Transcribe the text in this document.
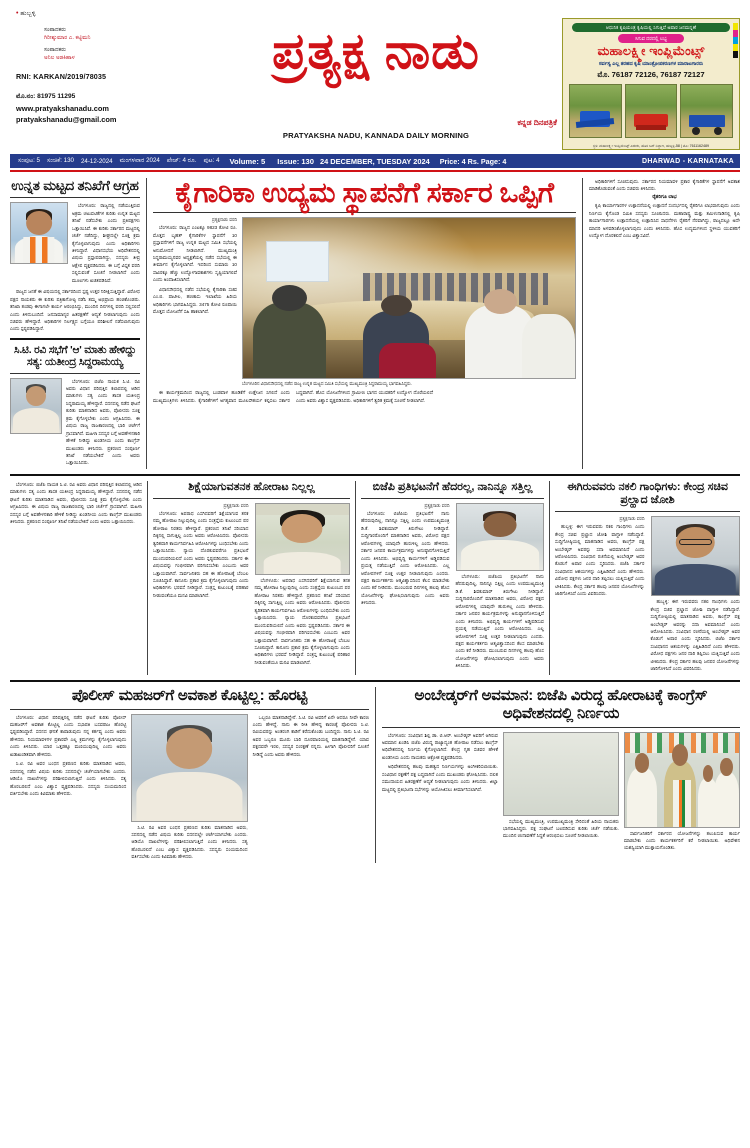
• ಹುಬ್ಬಳ್ಳಿ
ಸಂಪಾದಕರು
ಗಿರೀಶ್ಕುಮಾರ ಎ. ಕಟ್ಟಿಮನಿ
ಸಂಪಾದಕರು
ಅನಿಲ ಅಡಕಿಹಾಳ
RNI: KARKAN/2019/78035
ಮೊ.ನಂ: 81975 11295
www.pratyakshanadu.com
pratyakshanadu@gmail.com
ಪ್ರತ್ಯಕ್ಷ ನಾಡು
ಕನ್ನಡ ದಿನಪತ್ರಿಕೆ
PRATYAKSHA NADU, KANNADA DAILY MORNING
ಆಧುನಿಕ ಕೃಷಿಯಂತ್ರ ಕೃಷಿಯಲ್ಲಿ ಸಿಗುತ್ತಿದೆ ಅಪಾರ ಜನಮನ್ನಣೆ
ಸಿಗುವ ದರದಲ್ಲಿ ಲಭ್ಯ
ಮಹಾಲಕ್ಷ್ಮೀ ಇಂಪ್ಲಿಮೆಂಟ್ಸ್
ಸರ್ವಸ್ವ ಎಲ್ಲ ತರಹದ ಕೃಷಿ ಯಾಂತ್ರೋಪಕರಣಗಳ ಮಾರಾಟಗಾರರು
ಮೊ. 76187 72126, 76187 72127
ಸ್ಥಳ: ಮಹಾಲಕ್ಷ್ಮೀ ಇಂಪ್ಲಿಮೆಂಟ್ಸ್ ಎದುರು, ಹೊಸ ಬಸ್ ನಿಲ್ದಾಣ, ಹುಬ್ಬಳ್ಳಿ-58 | ಮೊ: 7611162489
ಸಂಪುಟ: 5 ಸಂಚಿಕೆ: 130 24-12-2024 ಮಂಗಳವಾರ 2024 ಪೇಜ್: 4 ರೂ. ಪುಟ: 4 Volume: 5 Issue: 130 24 DECEMBER, TUESDAY 2024 Price: 4 Rs. Page: 4	DHARWAD - KARNATAKA
ಉನ್ನತ ಮಟ್ಟದ ತನಿಖೆಗೆ ಆಗ್ರಹ

ಬೆಂಗಳೂರು: ರಾಜ್ಯದಲ್ಲಿ ನಡೆಯುತ್ತಿರುವ ಅಕ್ರಮ ಚಟುವಟಿಕೆಗಳ ಕುರಿತು ಉನ್ನತ ಮಟ್ಟದ ತನಿಖೆ ನಡೆಸಬೇಕು ಎಂದು ಪ್ರತಿಪಕ್ಷಗಳು ಒತ್ತಾಯಿಸಿವೆ. ಈ ಕುರಿತು ಸರ್ಕಾರದ ಮಟ್ಟದಲ್ಲಿ ಚರ್ಚೆ ನಡೆದಿದ್ದು, ಶೀಘ್ರದಲ್ಲೇ ಸೂಕ್ತ ಕ್ರಮ ಕೈಗೊಳ್ಳಲಾಗುವುದು ಎಂದು ಅಧಿಕಾರಿಗಳು ತಿಳಿಸಿದ್ದಾರೆ. ವಿಧಾನಸಭೆಯ ಅಧಿವೇಶನದಲ್ಲಿ ವಿಷಯ ಪ್ರಸ್ತಾಪವಾಗಿದ್ದು, ಸದಸ್ಯರು ತೀವ್ರ ಆಕ್ಷೇಪ ವ್ಯಕ್ತಪಡಿಸಿದರು. ಈ ಬಗ್ಗೆ ವಿಸ್ತೃತ ವರದಿ ಸಲ್ಲಿಸುವಂತೆ ಸೂಚನೆ ನೀಡಲಾಗಿದೆ ಎಂದು ಮೂಲಗಳು ಖಚಿತಪಡಿಸಿವೆ.

ರಾಜ್ಯದ ಜನತೆ ಈ ವಿಷಯದಲ್ಲಿ ಸರ್ಕಾರದಿಂದ ಸ್ಪಷ್ಟ ಉತ್ತರ ನಿರೀಕ್ಷಿಸುತ್ತಿದ್ದಾರೆ. ವಿರೋಧ ಪಕ್ಷದ ನಾಯಕರು ಈ ಕುರಿತು ಪತ್ರಿಕಾಗೋಷ್ಠಿ ನಡೆಸಿ ತಮ್ಮ ಅಭಿಪ್ರಾಯ ಹಂಚಿಕೊಂಡರು. ತನಿಖಾ ತಂಡವು ಈಗಾಗಲೇ ಕಾರ್ಯ ಆರಂಭಿಸಿದ್ದು, ಮುಂದಿನ ದಿನಗಳಲ್ಲಿ ವರದಿ ಸಲ್ಲಿಸಲಿದೆ ಎಂದು ತಿಳಿದುಬಂದಿದೆ. ಜನಸಾಮಾನ್ಯರ ಹಿತರಕ್ಷಣೆಗೆ ಆದ್ಯತೆ ನೀಡಲಾಗುವುದು ಎಂದು ಸಚಿವರು ಹೇಳಿದ್ದಾರೆ. ಅಧಿಕಾರಿಗಳ ನಿರ್ಲಕ್ಷ್ಯದ ಬಗ್ಗೆಯೂ ಪರಿಶೀಲನೆ ನಡೆಸಲಾಗುವುದು ಎಂದು ಸ್ಪಷ್ಟಪಡಿಸಿದ್ದಾರೆ.

ಸಿ.ಟಿ. ರವಿ ಸಭೆಗೆ 'ಆ' ಮಾತು ಹೇಳಿದ್ದು ಸತ್ಯ: ಯತೀಂದ್ರ ಸಿದ್ದರಾಮಯ್ಯ

ಬೆಂಗಳೂರು: ಬಿಜೆಪಿ ನಾಯಕ ಸಿ.ಟಿ. ರವಿ ಅವರು ವಿಧಾನ ಪರಿಷತ್ತಿನ ಕಲಾಪದಲ್ಲಿ ಆಡಿದ ಮಾತುಗಳು ಸತ್ಯ ಎಂದು ಶಾಸಕ ಯತೀಂದ್ರ ಸಿದ್ದರಾಮಯ್ಯ ಹೇಳಿದ್ದಾರೆ. ಸದನದಲ್ಲಿ ನಡೆದ ಘಟನೆ ಕುರಿತು ಮಾತನಾಡಿದ ಅವರು, ಪೊಲೀಸರು ಸೂಕ್ತ ಕ್ರಮ ಕೈಗೊಳ್ಳಬೇಕು ಎಂದು ಆಗ್ರಹಿಸಿದರು. ಈ ವಿಷಯ ರಾಜ್ಯ ರಾಜಕಾರಣದಲ್ಲಿ ಭಾರಿ ಚರ್ಚೆಗೆ ಗ್ರಾಸವಾಗಿದೆ. ಮಹಿಳಾ ಸದಸ್ಯರ ಬಗ್ಗೆ ಅವಹೇಳನಕಾರಿ ಹೇಳಿಕೆ ನೀಡಿದ್ದು ಖಂಡನೀಯ ಎಂದು ಕಾಂಗ್ರೆಸ್ ಮುಖಂಡರು ತಿಳಿಸಿದರು. ಪ್ರಕರಣದ ಸಂಪೂರ್ಣ ತನಿಖೆ ನಡೆಯಬೇಕಿದೆ ಎಂದು ಅವರು ಒತ್ತಾಯಿಸಿದರು.

ಕೈಗಾರಿಕಾ ಉದ್ಯಮ ಸ್ಥಾಪನೆಗೆ ಸರ್ಕಾರ ಒಪ್ಪಿಗೆ
ಪ್ರತ್ಯಕ್ಷನಾಡು ವರದಿ

ಬೆಂಗಳೂರು: ರಾಜ್ಯದ ಎಂಟಕ್ಕೂ 9823 ಕೋಟಿ ರೂ. ಮೊತ್ತದ ಬೃಹತ್ ಕೈಗಾರಿಕೆಗಳ ಸ್ಥಾಪನೆಗೆ 10 ಪ್ರಸ್ತಾವನೆಗಳಿಗೆ ರಾಜ್ಯ ಉನ್ನತ ಮಟ್ಟದ ಸಮಿತಿ ಸಭೆಯಲ್ಲಿ ಅನುಮೋದನೆ ನೀಡಲಾಗಿದೆ. ಮುಖ್ಯಮಂತ್ರಿ ಸಿದ್ದರಾಮಯ್ಯನವರ ಅಧ್ಯಕ್ಷತೆಯಲ್ಲಿ ನಡೆದ ಸಭೆಯಲ್ಲಿ ಈ ತೀರ್ಮಾನ ಕೈಗೊಳ್ಳಲಾಗಿದೆ. ಇದರಿಂದ ಸುಮಾರು 10 ಸಾವಿರಕ್ಕೂ ಹೆಚ್ಚು ಉದ್ಯೋಗಾವಕಾಶಗಳು ಸೃಷ್ಟಿಯಾಗಲಿವೆ ಎಂದು ಅಂದಾಜಿಸಲಾಗಿದೆ.

ವಿಧಾನಸೌಧದಲ್ಲಿ ನಡೆದ ಸಭೆಯಲ್ಲಿ ಕೈಗಾರಿಕಾ ಸಚಿವ ಎಂ.ಬಿ. ಪಾಟೀಲ, ಹಣಕಾಸು ಇಲಾಖೆಯ ಹಿರಿಯ ಅಧಿಕಾರಿಗಳು ಭಾಗವಹಿಸಿದ್ದರು. 3475 ಕೋಟಿ ರೂಪಾಯಿ ಮೊತ್ತದ ಯೋಜನೆಗೆ ಸಹಿ ಹಾಕಲಾಗಿದೆ.

ಬೆಂಗಳೂರಿನ ವಿಧಾನಸೌಧದಲ್ಲಿ ನಡೆದ ರಾಜ್ಯ ಉನ್ನತ ಮಟ್ಟದ ಸಮಿತಿ ಸಭೆಯಲ್ಲಿ ಮುಖ್ಯಮಂತ್ರಿ ಸಿದ್ದರಾಮಯ್ಯ ಭಾಗವಹಿಸಿದ್ದರು.

ಈ ಕಾರ್ಯಕ್ರಮದಿಂದ ರಾಜ್ಯದಲ್ಲಿ ಬಂಡವಾಳ ಹೂಡಿಕೆಗೆ ಉತ್ತೇಜನ ಸಿಗಲಿದೆ ಎಂದು ಮುಖ್ಯಮಂತ್ರಿಗಳು ತಿಳಿಸಿದರು. ಕೈಗಾರಿಕೆಗಳಿಗೆ ಅಗತ್ಯವಾದ ಮೂಲಸೌಕರ್ಯ ಕಲ್ಪಿಸಲು ಸರ್ಕಾರ ಬದ್ಧವಾಗಿದೆ. ಹೊಸ ಯೋಜನೆಗಳಿಂದ ಗ್ರಾಮೀಣ ಭಾಗದ ಯುವಕರಿಗೆ ಉದ್ಯೋಗ ದೊರೆಯಲಿದೆ ಎಂದು ಅವರು ವಿಶ್ವಾಸ ವ್ಯಕ್ತಪಡಿಸಿದರು. ಅಧಿಕಾರಿಗಳಿಗೆ ತ್ವರಿತ ಕ್ರಮಕ್ಕೆ ಸೂಚನೆ ನೀಡಲಾಗಿದೆ.

ಅಧಿಕಾರಿಗಳಿಗೆ ಸೂಚಿಸುವುದು. ಸರ್ಕಾರದ ನಿಯಮಾವಳಿ ಪ್ರಕಾರ ಕೈಗಾರಿಕೆಗಳ ಸ್ಥಾಪನೆಗೆ ಅವಕಾಶ ಮಾಡಿಕೊಡುವಂತೆ ಎಂದು ಸಚಿವರು ತಿಳಿಸಿದರು.

ರೈತರಿಗೂ ಲಾಭ

ಕೃಷಿ ಕಾರ್ಯಾಗಾರಗಳ ಉತ್ಪಾದನೆಯಲ್ಲಿ ಉತ್ಪಾದನೆ ಸಂದರ್ಭದಲ್ಲಿ ರೈತರಿಗೂ ಲಾಭವಾಗುವುದು ಎಂದು ನಿರ್ಣಯ ಕೈಗೊಂಡ ಸಮಿತಿ ಸದಸ್ಯರು ಸೂಚಿಸಿದರು. ಮಹಾರಾಷ್ಟ್ರ ಮತ್ತು ತಮಿಳುನಾಡಿನಲ್ಲಿ ಕೃಷಿ ಕಾರ್ಯಾಗಾರಗಳು ಉತ್ಪಾದನೆಯಲ್ಲಿ ಉತ್ಪಾದಿಸಿದ ಸಾಧನೆಗಳು ರೈತರಿಗೆ ನೆರವಾಗಿದ್ದು, ರಾಜ್ಯದಲ್ಲೂ ಅದೇ ಮಾದರಿ ಅಳವಡಿಸಿಕೊಳ್ಳಲಾಗುವುದು ಎಂದು ತಿಳಿಸಿದರು. ಹೊಸ ಉದ್ಯಮಗಳಿಂದ ಸ್ಥಳೀಯ ಯುವಕರಿಗೆ ಉದ್ಯೋಗ ದೊರಕಲಿದೆ ಎಂಬ ವಿಶ್ವಾಸವಿದೆ.

ಬೆಂಗಳೂರು: ಬಿಜೆಪಿ ನಾಯಕ ಸಿ.ಟಿ. ರವಿ ಅವರು ವಿಧಾನ ಪರಿಷತ್ತಿನ ಕಲಾಪದಲ್ಲಿ ಆಡಿದ ಮಾತುಗಳು ಸತ್ಯ ಎಂದು ಶಾಸಕ ಯತೀಂದ್ರ ಸಿದ್ದರಾಮಯ್ಯ ಹೇಳಿದ್ದಾರೆ. ಸದನದಲ್ಲಿ ನಡೆದ ಘಟನೆ ಕುರಿತು ಮಾತನಾಡಿದ ಅವರು, ಪೊಲೀಸರು ಸೂಕ್ತ ಕ್ರಮ ಕೈಗೊಳ್ಳಬೇಕು ಎಂದು ಆಗ್ರಹಿಸಿದರು. ಈ ವಿಷಯ ರಾಜ್ಯ ರಾಜಕಾರಣದಲ್ಲಿ ಭಾರಿ ಚರ್ಚೆಗೆ ಗ್ರಾಸವಾಗಿದೆ. ಮಹಿಳಾ ಸದಸ್ಯರ ಬಗ್ಗೆ ಅವಹೇಳನಕಾರಿ ಹೇಳಿಕೆ ನೀಡಿದ್ದು ಖಂಡನೀಯ ಎಂದು ಕಾಂಗ್ರೆಸ್ ಮುಖಂಡರು ತಿಳಿಸಿದರು. ಪ್ರಕರಣದ ಸಂಪೂರ್ಣ ತನಿಖೆ ನಡೆಯಬೇಕಿದೆ ಎಂದು ಅವರು ಒತ್ತಾಯಿಸಿದರು.

ಶಿಕ್ಷೆಯಾಗುವತನಕ ಹೋರಾಟ ನಿಲ್ಲಲ್ಲ
ಪ್ರತ್ಯಕ್ಷನಾಡು ವರದಿ

ಬೆಂಗಳೂರು: ಅಪರಾಧ ಎಸಗಿದವರಿಗೆ ಶಿಕ್ಷೆಯಾಗುವ ತನಕ ನಮ್ಮ ಹೋರಾಟ ನಿಲ್ಲುವುದಿಲ್ಲ ಎಂದು ಸಂತ್ರಸ್ತೆಯ ಕುಟುಂಬದ ಪರ ಹೋರಾಟ ನಿರತರು ಹೇಳಿದ್ದಾರೆ. ಪ್ರಕರಣದ ತನಿಖೆ ಸರಿಯಾದ ದಿಕ್ಕಿನಲ್ಲಿ ಸಾಗುತ್ತಿಲ್ಲ ಎಂದು ಅವರು ಆರೋಪಿಸಿದರು. ಪೊಲೀಸರು ತ್ವರಿತವಾಗಿ ಕಾರ್ಯನಿರ್ವಹಿಸಿ ಆರೋಪಿಗಳನ್ನು ಬಂಧಿಸಬೇಕು ಎಂದು ಒತ್ತಾಯಿಸಿದರು. ನ್ಯಾಯ ದೊರಕುವವರೆಗೂ ಪ್ರತಿಭಟನೆ ಮುಂದುವರಿಯಲಿದೆ ಎಂದು ಅವರು ಸ್ಪಷ್ಟಪಡಿಸಿದರು. ಸರ್ಕಾರ ಈ ವಿಷಯವನ್ನು ಗಂಭೀರವಾಗಿ ಪರಿಗಣಿಸಬೇಕು ಎಂಬುದು ಅವರ ಒತ್ತಾಯವಾಗಿದೆ. ಸಾರ್ವಜನಿಕರು ಸಹ ಈ ಹೋರಾಟಕ್ಕೆ ಬೆಂಬಲ ಸೂಚಿಸಿದ್ದಾರೆ. ಕಾನೂನು ಪ್ರಕಾರ ಕ್ರಮ ಕೈಗೊಳ್ಳಲಾಗುವುದು ಎಂದು ಅಧಿಕಾರಿಗಳು ಭರವಸೆ ನೀಡಿದ್ದಾರೆ. ಸಂತ್ರಸ್ತ ಕುಟುಂಬಕ್ಕೆ ಪರಿಹಾರ ನೀಡುವಂತೆಯೂ ಮನವಿ ಮಾಡಲಾಗಿದೆ.

ಬೆಂಗಳೂರು: ಅಪರಾಧ ಎಸಗಿದವರಿಗೆ ಶಿಕ್ಷೆಯಾಗುವ ತನಕ ನಮ್ಮ ಹೋರಾಟ ನಿಲ್ಲುವುದಿಲ್ಲ ಎಂದು ಸಂತ್ರಸ್ತೆಯ ಕುಟುಂಬದ ಪರ ಹೋರಾಟ ನಿರತರು ಹೇಳಿದ್ದಾರೆ. ಪ್ರಕರಣದ ತನಿಖೆ ಸರಿಯಾದ ದಿಕ್ಕಿನಲ್ಲಿ ಸಾಗುತ್ತಿಲ್ಲ ಎಂದು ಅವರು ಆರೋಪಿಸಿದರು. ಪೊಲೀಸರು ತ್ವರಿತವಾಗಿ ಕಾರ್ಯನಿರ್ವಹಿಸಿ ಆರೋಪಿಗಳನ್ನು ಬಂಧಿಸಬೇಕು ಎಂದು ಒತ್ತಾಯಿಸಿದರು. ನ್ಯಾಯ ದೊರಕುವವರೆಗೂ ಪ್ರತಿಭಟನೆ ಮುಂದುವರಿಯಲಿದೆ ಎಂದು ಅವರು ಸ್ಪಷ್ಟಪಡಿಸಿದರು. ಸರ್ಕಾರ ಈ ವಿಷಯವನ್ನು ಗಂಭೀರವಾಗಿ ಪರಿಗಣಿಸಬೇಕು ಎಂಬುದು ಅವರ ಒತ್ತಾಯವಾಗಿದೆ. ಸಾರ್ವಜನಿಕರು ಸಹ ಈ ಹೋರಾಟಕ್ಕೆ ಬೆಂಬಲ ಸೂಚಿಸಿದ್ದಾರೆ. ಕಾನೂನು ಪ್ರಕಾರ ಕ್ರಮ ಕೈಗೊಳ್ಳಲಾಗುವುದು ಎಂದು ಅಧಿಕಾರಿಗಳು ಭರವಸೆ ನೀಡಿದ್ದಾರೆ. ಸಂತ್ರಸ್ತ ಕುಟುಂಬಕ್ಕೆ ಪರಿಹಾರ ನೀಡುವಂತೆಯೂ ಮನವಿ ಮಾಡಲಾಗಿದೆ.

ಬಿಜೆಪಿ ಪ್ರತಿಭಟನೆಗೆ ಹೆದರಲ್ಲ, ನಾನಿನ್ನೂ ಸತ್ತಿಲ್ಲ
ಪ್ರತ್ಯಕ್ಷನಾಡು ವರದಿ

ಬೆಂಗಳೂರು: ಬಿಜೆಪಿಯ ಪ್ರತಿಭಟನೆಗೆ ನಾನು ಹೆದರುವುದಿಲ್ಲ, ನಾನಿನ್ನೂ ಸತ್ತಿಲ್ಲ ಎಂದು ಉಪಮುಖ್ಯಮಂತ್ರಿ ಡಿ.ಕೆ. ಶಿವಕುಮಾರ್ ತಿರುಗೇಟು ನೀಡಿದ್ದಾರೆ. ಸುದ್ದಿಗಾರರೊಂದಿಗೆ ಮಾತನಾಡಿದ ಅವರು, ವಿರೋಧ ಪಕ್ಷದ ಆರೋಪಗಳಲ್ಲಿ ಯಾವುದೇ ಹುರುಳಿಲ್ಲ ಎಂದು ಹೇಳಿದರು. ಸರ್ಕಾರ ಜನಪರ ಕಾರ್ಯಕ್ರಮಗಳನ್ನು ಅನುಷ್ಠಾನಗೊಳಿಸುತ್ತಿದೆ ಎಂದು ತಿಳಿಸಿದರು. ಅಭಿವೃದ್ಧಿ ಕಾರ್ಯಗಳಿಗೆ ಅಡ್ಡಿಪಡಿಸುವ ಪ್ರಯತ್ನ ನಡೆಯುತ್ತಿದೆ ಎಂದು ಆರೋಪಿಸಿದರು. ಎಲ್ಲ ಆರೋಪಗಳಿಗೆ ಸೂಕ್ತ ಉತ್ತರ ನೀಡಲಾಗುವುದು ಎಂದರು. ಪಕ್ಷದ ಕಾರ್ಯಕರ್ತರು ಆತ್ಮವಿಶ್ವಾಸದಿಂದ ಕೆಲಸ ಮಾಡಬೇಕು ಎಂದು ಕರೆ ನೀಡಿದರು. ಮುಂಬರುವ ದಿನಗಳಲ್ಲಿ ಹಲವು ಹೊಸ ಯೋಜನೆಗಳನ್ನು ಘೋಷಿಸಲಾಗುವುದು ಎಂದು ಅವರು ತಿಳಿಸಿದರು.

ಬೆಂಗಳೂರು: ಬಿಜೆಪಿಯ ಪ್ರತಿಭಟನೆಗೆ ನಾನು ಹೆದರುವುದಿಲ್ಲ, ನಾನಿನ್ನೂ ಸತ್ತಿಲ್ಲ ಎಂದು ಉಪಮುಖ್ಯಮಂತ್ರಿ ಡಿ.ಕೆ. ಶಿವಕುಮಾರ್ ತಿರುಗೇಟು ನೀಡಿದ್ದಾರೆ. ಸುದ್ದಿಗಾರರೊಂದಿಗೆ ಮಾತನಾಡಿದ ಅವರು, ವಿರೋಧ ಪಕ್ಷದ ಆರೋಪಗಳಲ್ಲಿ ಯಾವುದೇ ಹುರುಳಿಲ್ಲ ಎಂದು ಹೇಳಿದರು. ಸರ್ಕಾರ ಜನಪರ ಕಾರ್ಯಕ್ರಮಗಳನ್ನು ಅನುಷ್ಠಾನಗೊಳಿಸುತ್ತಿದೆ ಎಂದು ತಿಳಿಸಿದರು. ಅಭಿವೃದ್ಧಿ ಕಾರ್ಯಗಳಿಗೆ ಅಡ್ಡಿಪಡಿಸುವ ಪ್ರಯತ್ನ ನಡೆಯುತ್ತಿದೆ ಎಂದು ಆರೋಪಿಸಿದರು. ಎಲ್ಲ ಆರೋಪಗಳಿಗೆ ಸೂಕ್ತ ಉತ್ತರ ನೀಡಲಾಗುವುದು ಎಂದರು. ಪಕ್ಷದ ಕಾರ್ಯಕರ್ತರು ಆತ್ಮವಿಶ್ವಾಸದಿಂದ ಕೆಲಸ ಮಾಡಬೇಕು ಎಂದು ಕರೆ ನೀಡಿದರು. ಮುಂಬರುವ ದಿನಗಳಲ್ಲಿ ಹಲವು ಹೊಸ ಯೋಜನೆಗಳನ್ನು ಘೋಷಿಸಲಾಗುವುದು ಎಂದು ಅವರು ತಿಳಿಸಿದರು.

ಈಗಿರುವವರು ನಕಲಿ ಗಾಂಧಿಗಳು: ಕೇಂದ್ರ ಸಚಿವ ಪ್ರಲ್ಹಾದ ಜೋಶಿ
ಪ್ರತ್ಯಕ್ಷನಾಡು ವರದಿ

ಹುಬ್ಬಳ್ಳಿ: ಈಗ ಇರುವವರು ನಕಲಿ ಗಾಂಧಿಗಳು ಎಂದು ಕೇಂದ್ರ ಸಚಿವ ಪ್ರಲ್ಹಾದ ಜೋಶಿ ವಾಗ್ದಾಳಿ ನಡೆಸಿದ್ದಾರೆ. ಸುದ್ದಿಗೋಷ್ಠಿಯಲ್ಲಿ ಮಾತನಾಡಿದ ಅವರು, ಕಾಂಗ್ರೆಸ್ ಪಕ್ಷ ಅಂಬೇಡ್ಕರ್ ಅವರನ್ನು ಸದಾ ಅವಮಾನಿಸಿದೆ ಎಂದು ಆರೋಪಿಸಿದರು. ಸಂವಿಧಾನ ರಚನೆಯಲ್ಲಿ ಅಂಬೇಡ್ಕರ್ ಅವರ ಕೊಡುಗೆ ಅಪಾರ ಎಂದು ಸ್ಮರಿಸಿದರು. ಬಿಜೆಪಿ ಸರ್ಕಾರ ಸಂವಿಧಾನದ ಆಶಯಗಳನ್ನು ಎತ್ತಿಹಿಡಿದಿದೆ ಎಂದು ಹೇಳಿದರು. ವಿರೋಧ ಪಕ್ಷಗಳು ಜನರ ದಾರಿ ತಪ್ಪಿಸಲು ಯತ್ನಿಸುತ್ತಿವೆ ಎಂದು ಟೀಕಿಸಿದರು. ಕೇಂದ್ರ ಸರ್ಕಾರ ಹಲವು ಜನಪರ ಯೋಜನೆಗಳನ್ನು ಜಾರಿಗೊಳಿಸಿದೆ ಎಂದು ವಿವರಿಸಿದರು.

ಹುಬ್ಬಳ್ಳಿ: ಈಗ ಇರುವವರು ನಕಲಿ ಗಾಂಧಿಗಳು ಎಂದು ಕೇಂದ್ರ ಸಚಿವ ಪ್ರಲ್ಹಾದ ಜೋಶಿ ವಾಗ್ದಾಳಿ ನಡೆಸಿದ್ದಾರೆ. ಸುದ್ದಿಗೋಷ್ಠಿಯಲ್ಲಿ ಮಾತನಾಡಿದ ಅವರು, ಕಾಂಗ್ರೆಸ್ ಪಕ್ಷ ಅಂಬೇಡ್ಕರ್ ಅವರನ್ನು ಸದಾ ಅವಮಾನಿಸಿದೆ ಎಂದು ಆರೋಪಿಸಿದರು. ಸಂವಿಧಾನ ರಚನೆಯಲ್ಲಿ ಅಂಬೇಡ್ಕರ್ ಅವರ ಕೊಡುಗೆ ಅಪಾರ ಎಂದು ಸ್ಮರಿಸಿದರು. ಬಿಜೆಪಿ ಸರ್ಕಾರ ಸಂವಿಧಾನದ ಆಶಯಗಳನ್ನು ಎತ್ತಿಹಿಡಿದಿದೆ ಎಂದು ಹೇಳಿದರು. ವಿರೋಧ ಪಕ್ಷಗಳು ಜನರ ದಾರಿ ತಪ್ಪಿಸಲು ಯತ್ನಿಸುತ್ತಿವೆ ಎಂದು ಟೀಕಿಸಿದರು. ಕೇಂದ್ರ ಸರ್ಕಾರ ಹಲವು ಜನಪರ ಯೋಜನೆಗಳನ್ನು ಜಾರಿಗೊಳಿಸಿದೆ ಎಂದು ವಿವರಿಸಿದರು.

ಪೊಲೀಸ್ ಮಹಜರ್‌ಗೆ ಅವಕಾಶ ಕೊಟ್ಟಿಲ್ಲ: ಹೊರಟ್ಟಿ

ಬೆಂಗಳೂರು: ವಿಧಾನ ಪರಿಷತ್ತಿನಲ್ಲಿ ನಡೆದ ಘಟನೆ ಕುರಿತು ಪೊಲೀಸ್ ಮಹಜರ್‌ಗೆ ಅವಕಾಶ ಕೊಟ್ಟಿಲ್ಲ ಎಂದು ಸಭಾಪತಿ ಬಸವರಾಜ ಹೊರಟ್ಟಿ ಸ್ಪಷ್ಟಪಡಿಸಿದ್ದಾರೆ. ಸದನದ ಘನತೆ ಕಾಪಾಡುವುದು ನನ್ನ ಕರ್ತವ್ಯ ಎಂದು ಅವರು ಹೇಳಿದರು. ನಿಯಮಾವಳಿಗಳ ಪ್ರಕಾರವೇ ಎಲ್ಲ ಕ್ರಮಗಳನ್ನು ಕೈಗೊಳ್ಳಲಾಗುವುದು ಎಂದು ತಿಳಿಸಿದರು. ಯಾರ ಒತ್ತಡಕ್ಕೂ ಮಣಿಯುವುದಿಲ್ಲ ಎಂದು ಅವರು ಖಡಾಖಂಡಿತವಾಗಿ ಹೇಳಿದರು.

ಸಿ.ಟಿ. ರವಿ ಅವರ ಬಂಧನ ಪ್ರಕರಣದ ಕುರಿತು ಮಾತನಾಡಿದ ಅವರು, ಸದನದಲ್ಲಿ ನಡೆದ ವಿಷಯ ಕುರಿತು ಸದನದಲ್ಲೇ ಚರ್ಚೆಯಾಗಬೇಕು ಎಂದರು. ಆಡಿಯೊ ದಾಖಲೆಗಳನ್ನು ಪರಿಶೀಲಿಸಲಾಗುತ್ತಿದೆ ಎಂದು ತಿಳಿಸಿದರು. ಸತ್ಯ ಹೊರಬರಲಿದೆ ಎಂಬ ವಿಶ್ವಾಸ ವ್ಯಕ್ತಪಡಿಸಿದರು. ಸದಸ್ಯರು ಸಂಯಮದಿಂದ ವರ್ತಿಸಬೇಕು ಎಂದು ಕಿವಿಮಾತು ಹೇಳಿದರು.

ಸಿ.ಟಿ. ರವಿ ಅವರ ಬಂಧನ ಪ್ರಕರಣದ ಕುರಿತು ಮಾತನಾಡಿದ ಅವರು, ಸದನದಲ್ಲಿ ನಡೆದ ವಿಷಯ ಕುರಿತು ಸದನದಲ್ಲೇ ಚರ್ಚೆಯಾಗಬೇಕು ಎಂದರು. ಆಡಿಯೊ ದಾಖಲೆಗಳನ್ನು ಪರಿಶೀಲಿಸಲಾಗುತ್ತಿದೆ ಎಂದು ತಿಳಿಸಿದರು. ಸತ್ಯ ಹೊರಬರಲಿದೆ ಎಂಬ ವಿಶ್ವಾಸ ವ್ಯಕ್ತಪಡಿಸಿದರು. ಸದಸ್ಯರು ಸಂಯಮದಿಂದ ವರ್ತಿಸಬೇಕು ಎಂದು ಕಿವಿಮಾತು ಹೇಳಿದರು.

ಒಬ್ಬರೂ ಮಾತನಾಡಿದ್ದೇನೆ. ಸಿ.ಟಿ. ರವಿ ಅವರಿಗೆ ಏನೇ ಆದರೂ ನೀವೇ ಕಾರಣ ಎಂದು ಹೇಳಿದ್ದೆ. ನಾನು ಈ ರೀತಿ ಹೇಳಿದ್ದ ಕಾರಣಕ್ಕೆ ಪೊಲೀಸರು ಸಿ.ಟಿ. ರವಿಯವರನ್ನು ಅಂತರಂಗಿ ಕಾಡಿಗೆ ಕರೆದುಕೊಂಡು ಬಂದಿದ್ದರು. ನಾನು ಸಿ.ಟಿ. ರವಿ ಅವರ ಒಬ್ಬರೂ ಮೂರು ಬಾರಿ ದೂರವಾಣಿಯಲ್ಲಿ ಮಾತನಾಡಿದ್ದೇನೆ. ಯಾವ ಪಕ್ಷದವರೇ ಇರಲಿ, ಸದಸ್ಯರ ಸಂರಕ್ಷಣೆ ನನ್ನದು. ಹೀಗಾಗಿ ಪೊಲೀಸರಿಗೆ ಸೂಚನೆ ನೀಡಿದ್ದೆ ಎಂದು ಅವರು ಹೇಳಿದರು.

ಅಂಬೇಡ್ಕರ್‌ಗೆ ಅವಮಾನ: ಬಿಜೆಪಿ ವಿರುದ್ಧ ಹೋರಾಟಕ್ಕೆ ಕಾಂಗ್ರೆಸ್ ಅಧಿವೇಶನದಲ್ಲಿ ನಿರ್ಣಯ

ಬೆಂಗಳೂರು: ಸಂವಿಧಾನ ಶಿಲ್ಪಿ ಡಾ. ಬಿ.ಆರ್. ಅಂಬೇಡ್ಕರ್ ಅವರಿಗೆ ಆಗಿರುವ ಅವಮಾನ ಖಂಡಿಸಿ ಬಿಜೆಪಿ ವಿರುದ್ಧ ರಾಜ್ಯಾದ್ಯಂತ ಹೋರಾಟ ನಡೆಸಲು ಕಾಂಗ್ರೆಸ್ ಅಧಿವೇಶನದಲ್ಲಿ ನಿರ್ಣಯ ಕೈಗೊಳ್ಳಲಾಗಿದೆ. ಕೇಂದ್ರ ಗೃಹ ಸಚಿವರ ಹೇಳಿಕೆ ಖಂಡನೀಯ ಎಂದು ನಾಯಕರು ಆಕ್ರೋಶ ವ್ಯಕ್ತಪಡಿಸಿದರು.

ಅಧಿವೇಶನದಲ್ಲಿ ಹಲವು ಮಹತ್ವದ ನಿರ್ಣಯಗಳನ್ನು ಅಂಗೀಕರಿಸಲಾಯಿತು. ಸಂವಿಧಾನ ರಕ್ಷಣೆಗೆ ಪಕ್ಷ ಬದ್ಧವಾಗಿದೆ ಎಂದು ಮುಖಂಡರು ಘೋಷಿಸಿದರು. ದಲಿತ ಸಮುದಾಯದ ಹಿತರಕ್ಷಣೆಗೆ ಆದ್ಯತೆ ನೀಡಲಾಗುವುದು ಎಂದು ತಿಳಿಸಿದರು. ಜಿಲ್ಲಾ ಮಟ್ಟದಲ್ಲಿ ಪ್ರತಿಭಟನಾ ಸಭೆಗಳನ್ನು ಆಯೋಜಿಸಲು ತೀರ್ಮಾನಿಸಲಾಗಿದೆ.

ಸಭೆಯಲ್ಲಿ ಮುಖ್ಯಮಂತ್ರಿ, ಉಪಮುಖ್ಯಮಂತ್ರಿ ಸೇರಿದಂತೆ ಹಿರಿಯ ನಾಯಕರು ಭಾಗವಹಿಸಿದ್ದರು. ಪಕ್ಷ ಸಂಘಟನೆ ಬಲಪಡಿಸುವ ಕುರಿತು ಚರ್ಚೆ ನಡೆಯಿತು. ಮುಂದಿನ ಚುನಾವಣೆಗೆ ಸಿದ್ಧತೆ ಆರಂಭಿಸಲು ಸೂಚನೆ ನೀಡಲಾಯಿತು.

ಸಾರ್ವಜನಿಕರಿಗೆ ಸರ್ಕಾರದ ಯೋಜನೆಗಳನ್ನು ತಲುಪಿಸುವ ಕಾರ್ಯ ಮಾಡಬೇಕು ಎಂದು ಕಾರ್ಯಕರ್ತರಿಗೆ ಕರೆ ನೀಡಲಾಯಿತು. ಅಧಿವೇಶನ ಯಶಸ್ವಿಯಾಗಿ ಮುಕ್ತಾಯಗೊಂಡಿತು.
